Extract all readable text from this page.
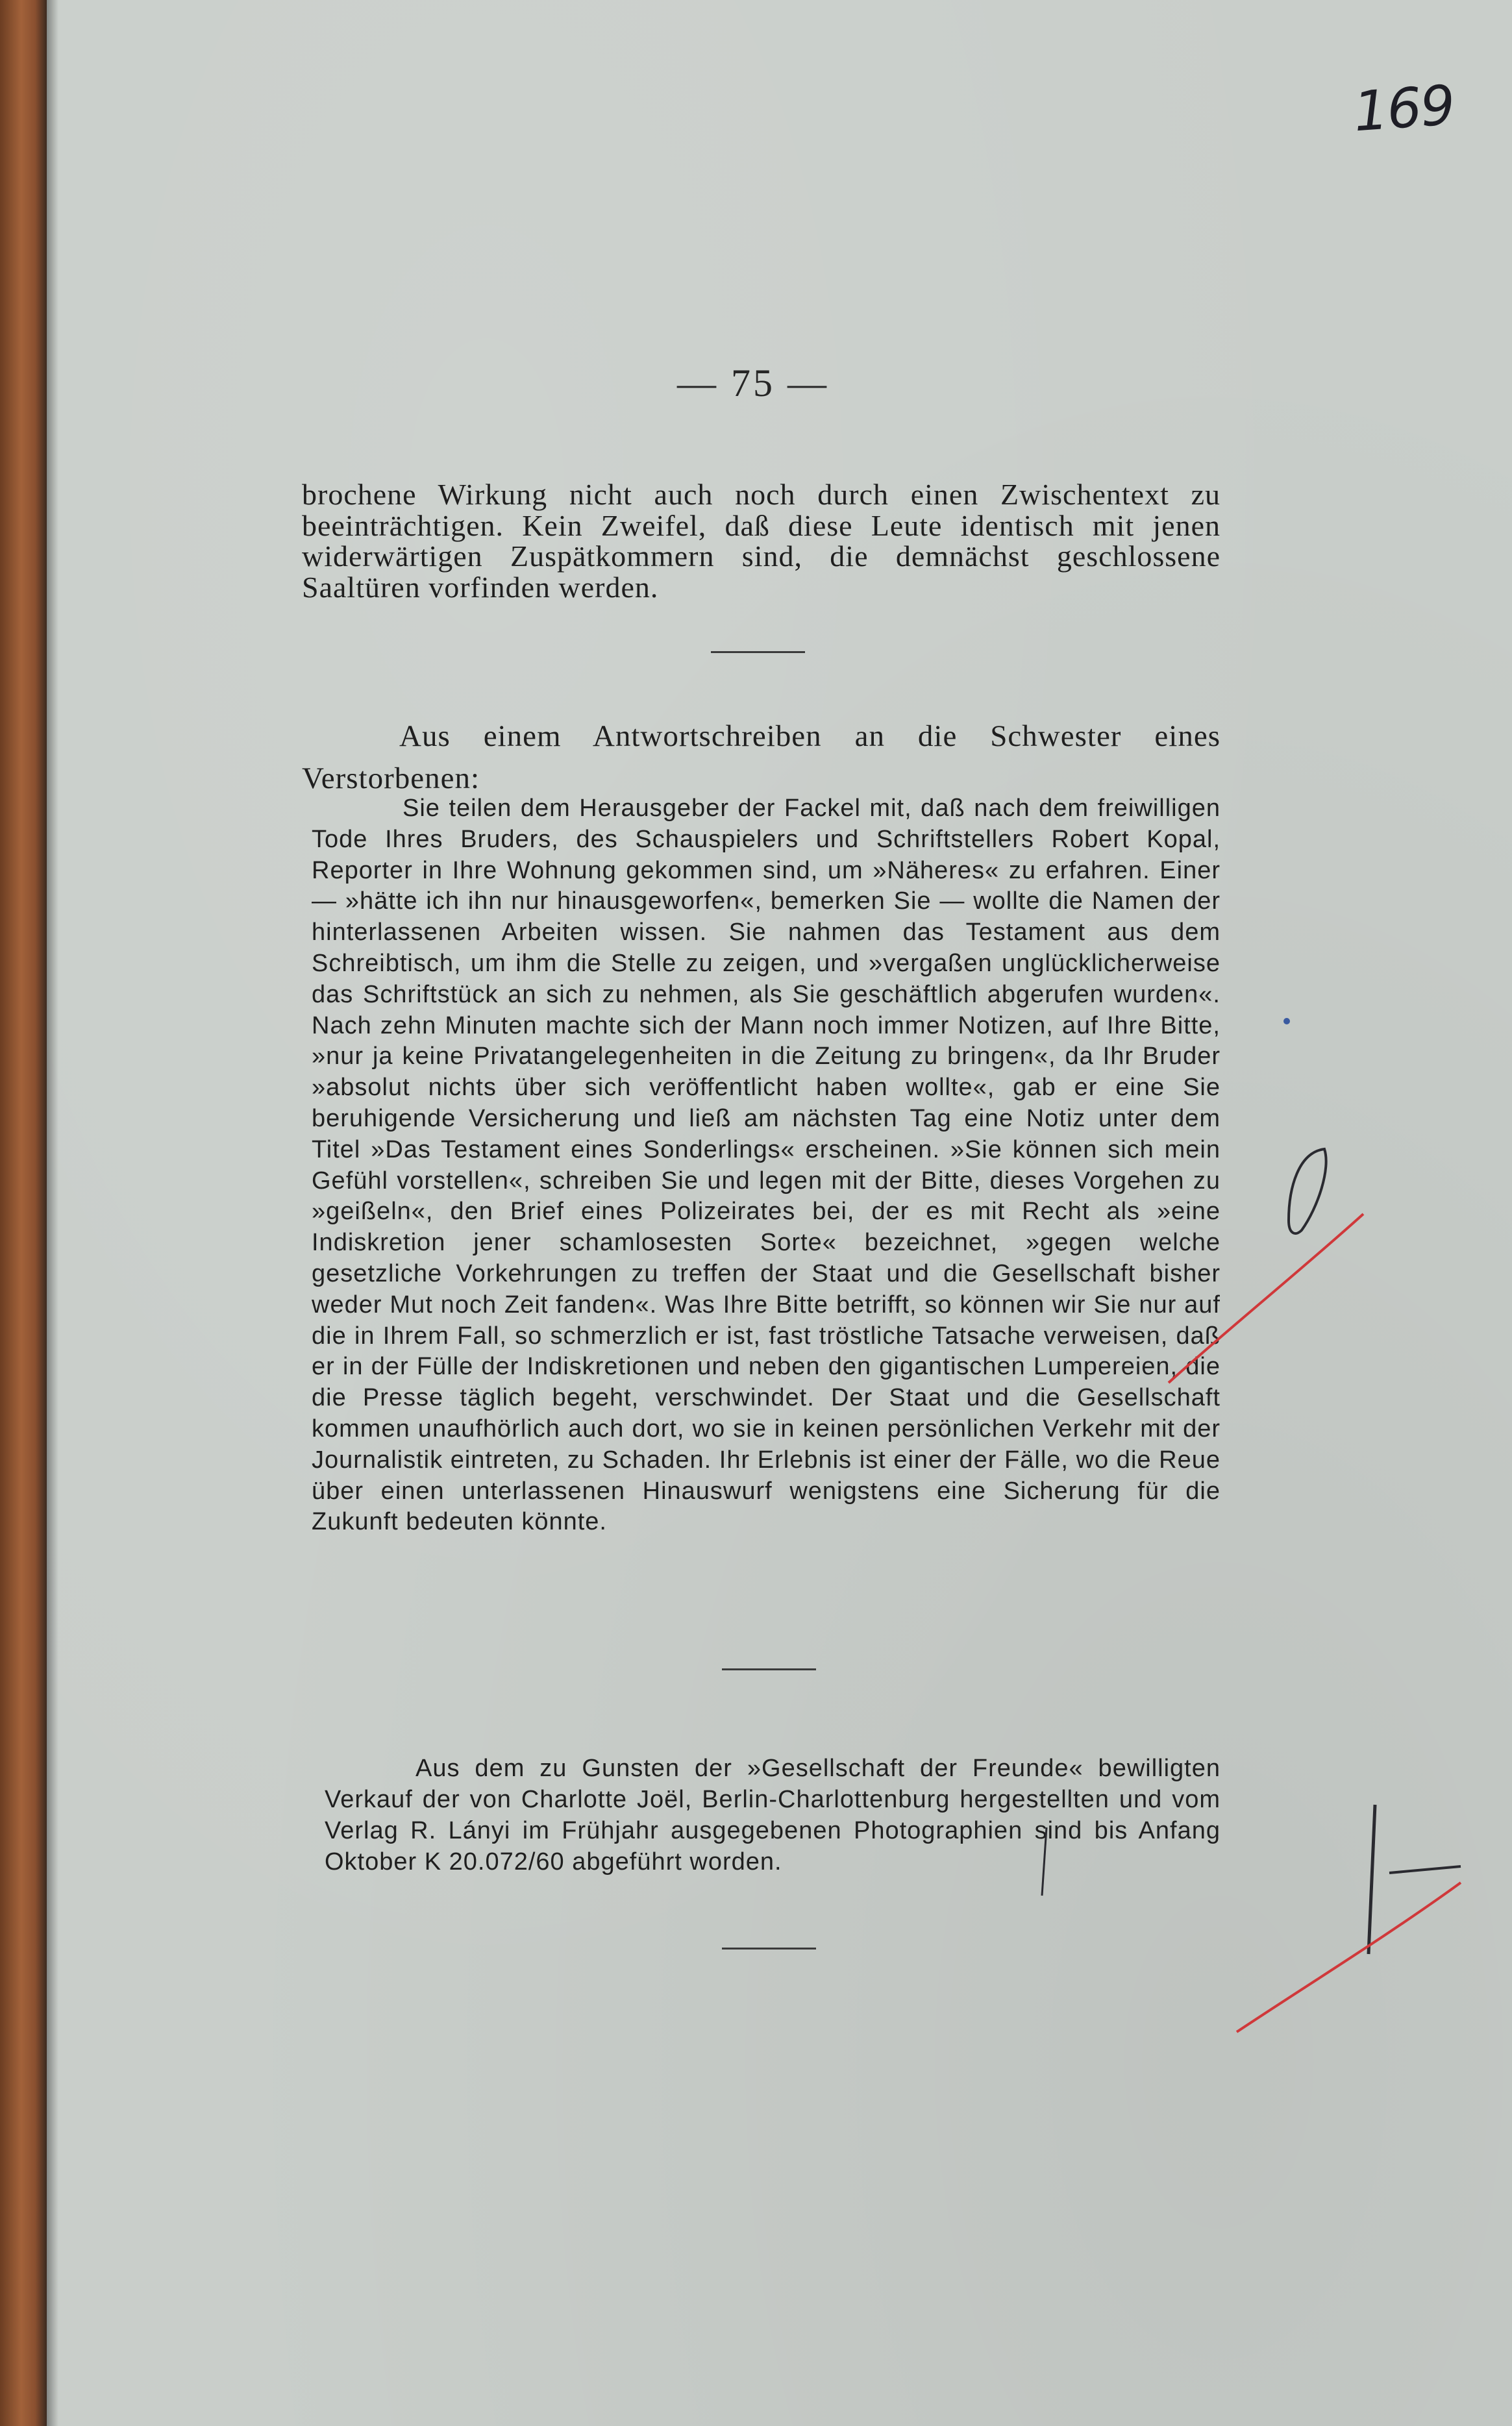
169
— 75 —
brochene Wirkung nicht auch noch durch einen Zwischentext zu beeinträchtigen. Kein Zweifel, daß diese Leute identisch mit jenen widerwärtigen Zuspätkommern sind, die demnächst geschlossene Saaltüren vorfinden werden.
Aus einem Antwortschreiben an die Schwester eines Verstorbenen:
Sie teilen dem Herausgeber der Fackel mit, daß nach dem freiwilligen Tode Ihres Bruders, des Schauspielers und Schriftstellers Robert Kopal, Reporter in Ihre Wohnung gekommen sind, um »Näheres« zu erfahren. Einer — »hätte ich ihn nur hinausgeworfen«, bemerken Sie — wollte die Namen der hinterlassenen Arbeiten wissen. Sie nahmen das Testament aus dem Schreibtisch, um ihm die Stelle zu zeigen, und »vergaßen unglücklicherweise das Schriftstück an sich zu nehmen, als Sie geschäftlich abgerufen wurden«. Nach zehn Minuten machte sich der Mann noch immer Notizen, auf Ihre Bitte, »nur ja keine Privatangelegenheiten in die Zeitung zu bringen«, da Ihr Bruder »absolut nichts über sich veröffentlicht haben wollte«, gab er eine Sie beruhigende Versicherung und ließ am nächsten Tag eine Notiz unter dem Titel »Das Testament eines Sonderlings« erscheinen. »Sie können sich mein Gefühl vorstellen«, schreiben Sie und legen mit der Bitte, dieses Vorgehen zu »geißeln«, den Brief eines Polizeirates bei, der es mit Recht als »eine Indiskretion jener schamlosesten Sorte« bezeichnet, »gegen welche gesetzliche Vorkehrungen zu treffen der Staat und die Gesellschaft bisher weder Mut noch Zeit fanden«. Was Ihre Bitte betrifft, so können wir Sie nur auf die in Ihrem Fall, so schmerzlich er ist, fast tröstliche Tatsache verweisen, daß er in der Fülle der Indiskretionen und neben den gigantischen Lumpereien, die die Presse täglich begeht, verschwindet. Der Staat und die Gesellschaft kommen unaufhörlich auch dort, wo sie in keinen persönlichen Verkehr mit der Journalistik eintreten, zu Schaden. Ihr Erlebnis ist einer der Fälle, wo die Reue über einen unterlassenen Hinauswurf wenigstens eine Sicherung für die Zukunft bedeuten könnte.
Aus dem zu Gunsten der »Gesellschaft der Freunde« bewilligten Verkauf der von Charlotte Joël, Berlin-Charlottenburg hergestellten und vom Verlag R. Lányi im Frühjahr ausgegebenen Photographien sind bis Anfang Oktober K 20.072/60 abgeführt worden.
